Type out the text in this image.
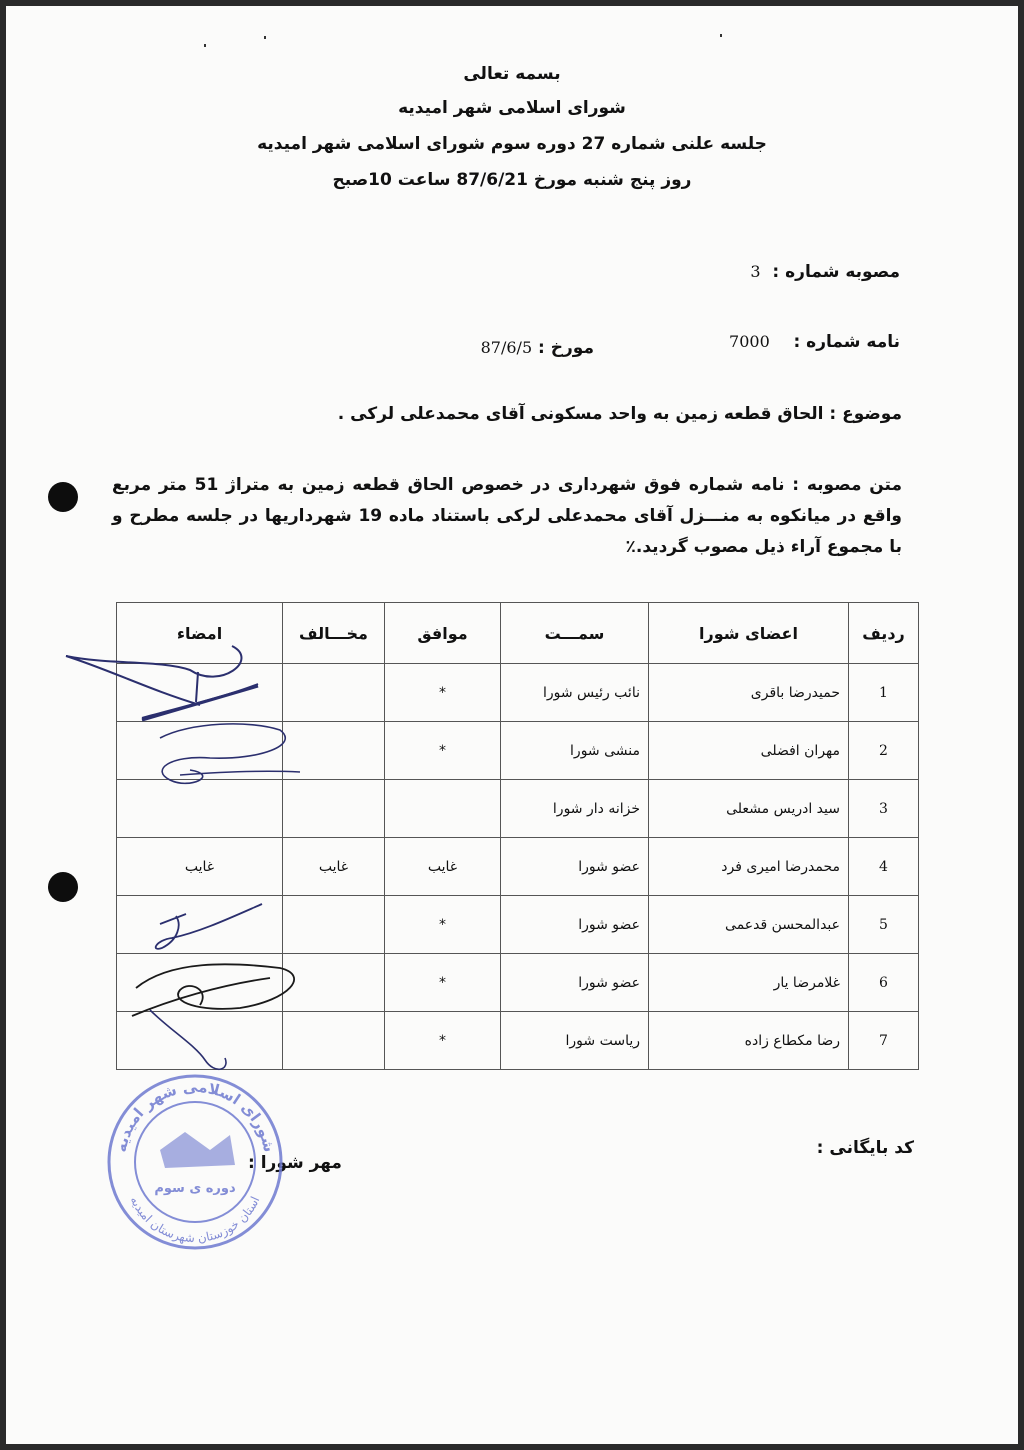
بسمه تعالی
شورای اسلامی شهر امیدیه
جلسه علنی شماره 27 دوره سوم شورای اسلامی شهر امیدیه
روز پنج شنبه مورخ 87/6/21 ساعت 10صبح
مصوبه شماره :  3
نامه شماره :    7000
مورخ : 87/6/5
موضوع : الحاق قطعه زمین به واحد مسکونی آقای محمدعلی لرکی .
متن مصوبه : نامه شماره فوق شهرداری در خصوص الحاق قطعه زمین به متراژ 51 متر مربع واقع در میانکوه به منـــزل آقای محمدعلی لرکی باستناد ماده 19 شهرداریها در جلسه مطرح و با مجموع آراء ذیل مصوب گردید.٪
ردیف	اعضای شورا	سمـــت	موافق	مخـــالف	امضاء
1	حمیدرضا باقری	نائب رئیس شورا	*		
2	مهران افضلی	منشی شورا	*		
3	سید ادریس مشعلی	خزانه دار شورا			
4	محمدرضا امیری فرد	عضو شورا	غایب	غایب	غایب
5	عبدالمحسن قدعمی	عضو شورا	*		
6	غلامرضا یار	عضو شورا	*		
7	رضا مکطاع زاده	ریاست شورا	*		
کد بایگانی :
مهر شورا :
شورای اسلامی شهر امیدیه
استان خوزستان شهرستان امیدیه
دوره ی سوم
